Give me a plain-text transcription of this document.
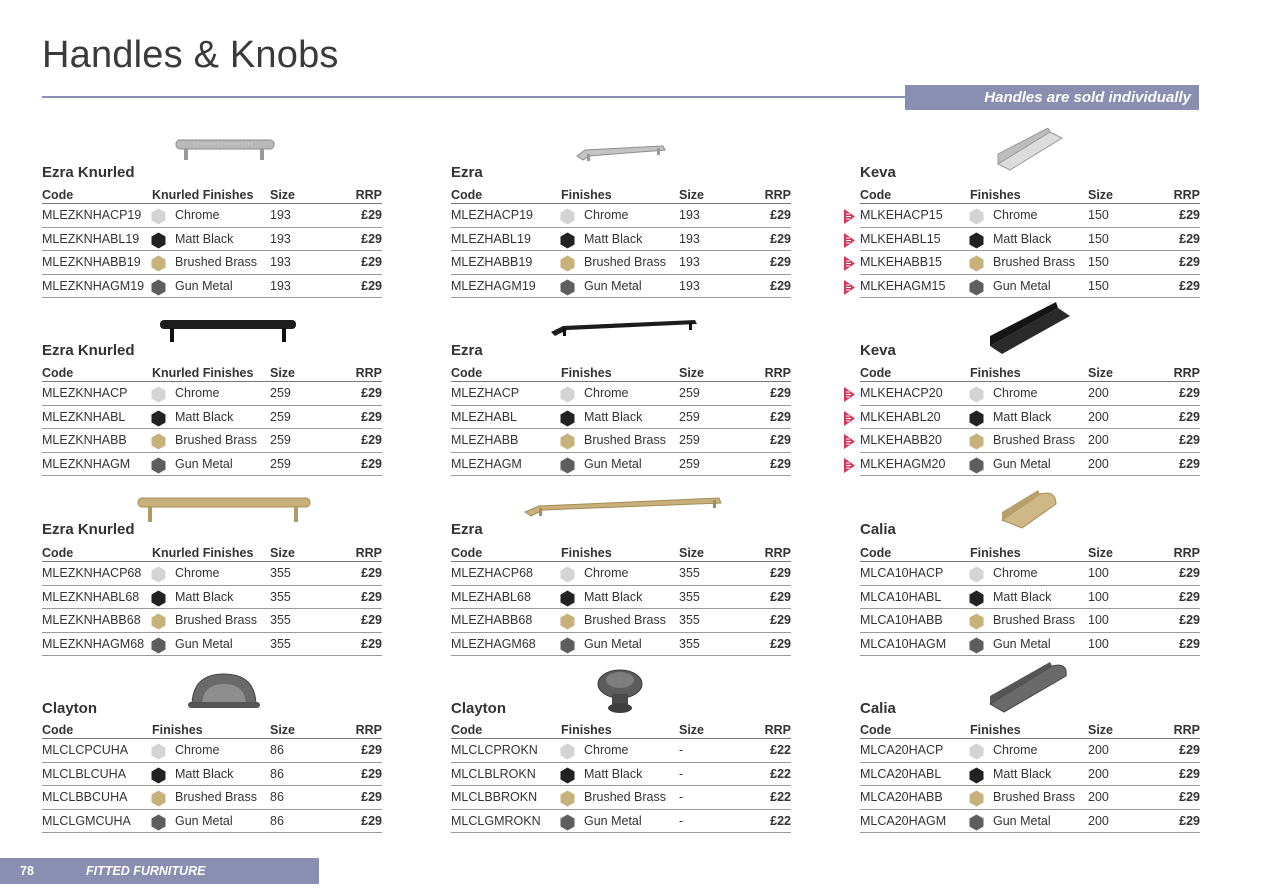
Handles & Knobs
Handles are sold individually
Ezra Knurled
Code	Knurled Finishes Size	RRP
MLEZKNHACP19	Chrome	193	£29
MLEZKNHABL19	Matt Black	193	£29
MLEZKNHABB19	Brushed Brass 193	£29
MLEZKNHAGM19 Gun Metal	193	£29
Ezra
Code	Finishes	Size	RRP
MLEZHACP19	Chrome	193	£29
MLEZHABL19	Matt Black	193	£29
MLEZHABB19	Brushed Brass 193	£29
MLEZHAGM19	Gun Metal	193	£29
Keva
Code	Finishes	Size	RRP
MLKEHACP15	Chrome	150	£29
MLKEHABL15	Matt Black	150	£29
MLKEHABB15	Brushed Brass 150	£29
MLKEHAGM15	Gun Metal	150	£29
Ezra Knurled
Code	Knurled Finishes Size	RRP
MLEZKNHACP	Chrome	259	£29
MLEZKNHABL	Matt Black	259	£29
MLEZKNHABB	Brushed Brass 259	£29
MLEZKNHAGM	Gun Metal	259	£29
Ezra
Code	Finishes	Size	RRP
MLEZHACP	Chrome	259	£29
MLEZHABL	Matt Black	259	£29
MLEZHABB	Brushed Brass 259	£29
MLEZHAGM	Gun Metal	259	£29
Keva
Code	Finishes	Size	RRP
MLKEHACP20	Chrome	200	£29
MLKEHABL20	Matt Black	200	£29
MLKEHABB20	Brushed Brass 200	£29
MLKEHAGM20	Gun Metal	200	£29
Ezra Knurled
Code	Knurled Finishes Size	RRP
MLEZKNHACP68	Chrome	355	£29
MLEZKNHABL68	Matt Black	355	£29
MLEZKNHABB68	Brushed Brass 355	£29
MLEZKNHAGM68 Gun Metal	355	£29
Ezra
Code	Finishes	Size	RRP
MLEZHACP68	Chrome	355	£29
MLEZHABL68	Matt Black	355	£29
MLEZHABB68	Brushed Brass 355	£29
MLEZHAGM68	Gun Metal	355	£29
Calia
Code	Finishes	Size	RRP
MLCA10HACP	Chrome	100	£29
MLCA10HABL	Matt Black	100	£29
MLCA10HABB	Brushed Brass 100	£29
MLCA10HAGM	Gun Metal	100	£29
Clayton
Code	Finishes	Size	RRP
MLCLCPCUHA	Chrome	86	£29
MLCLBLCUHA	Matt Black	86	£29
MLCLBBCUHA	Brushed Brass 86	£29
MLCLGMCUHA	Gun Metal	86	£29
Clayton
Code	Finishes	Size	RRP
MLCLCPROKN	Chrome	-	£22
MLCLBLROKN	Matt Black	-	£22
MLCLBBROKN	Brushed Brass -	£22
MLCLGMROKN	Gun Metal	-	£22
Calia
Code	Finishes	Size	RRP
MLCA20HACP	Chrome	200	£29
MLCA20HABL	Matt Black	200	£29
MLCA20HABB	Brushed Brass 200	£29
MLCA20HAGM	Gun Metal	200	£29
78	FITTED FURNITURE
